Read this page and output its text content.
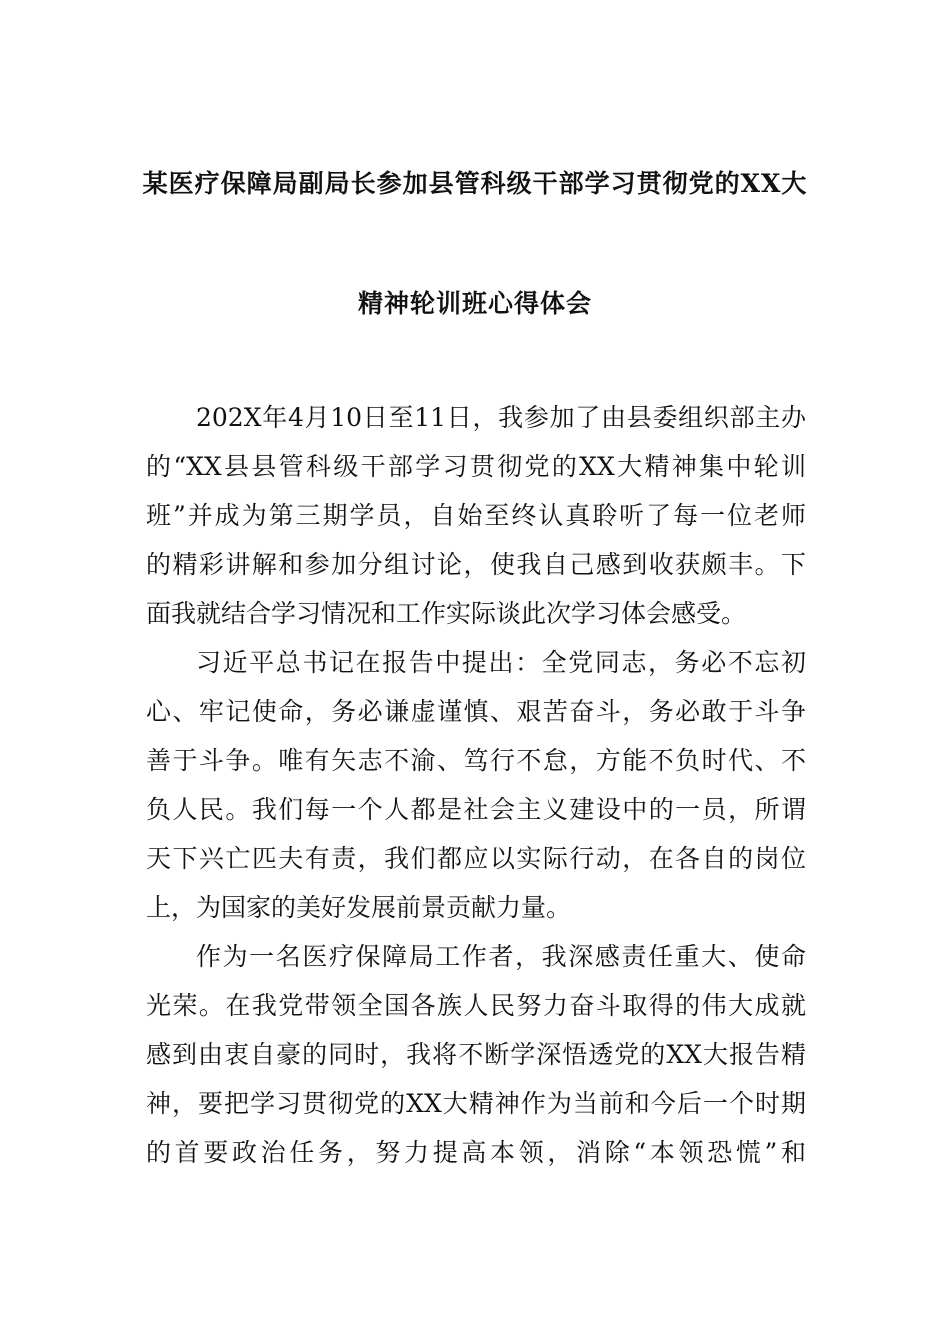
某医疗保障局副局长参加县管科级干部学习贯彻党的XX大
精神轮训班心得体会
202X年4月10日至11日，我参加了由县委组织部主办
的“XX县县管科级干部学习贯彻党的XX大精神集中轮训
班”并成为第三期学员，自始至终认真聆听了每一位老师
的精彩讲解和参加分组讨论，使我自己感到收获颇丰。下
面我就结合学习情况和工作实际谈此次学习体会感受。
习近平总书记在报告中提出：全党同志，务必不忘初
心、牢记使命，务必谦虚谨慎、艰苦奋斗，务必敢于斗争
善于斗争。唯有矢志不渝、笃行不怠，方能不负时代、不
负人民。我们每一个人都是社会主义建设中的一员，所谓
天下兴亡匹夫有责，我们都应以实际行动，在各自的岗位
上，为国家的美好发展前景贡献力量。
作为一名医疗保障局工作者，我深感责任重大、使命
光荣。在我党带领全国各族人民努力奋斗取得的伟大成就
感到由衷自豪的同时，我将不断学深悟透党的XX大报告精
神，要把学习贯彻党的XX大精神作为当前和今后一个时期
的首要政治任务，努力提高本领，消除“本领恐慌”和
